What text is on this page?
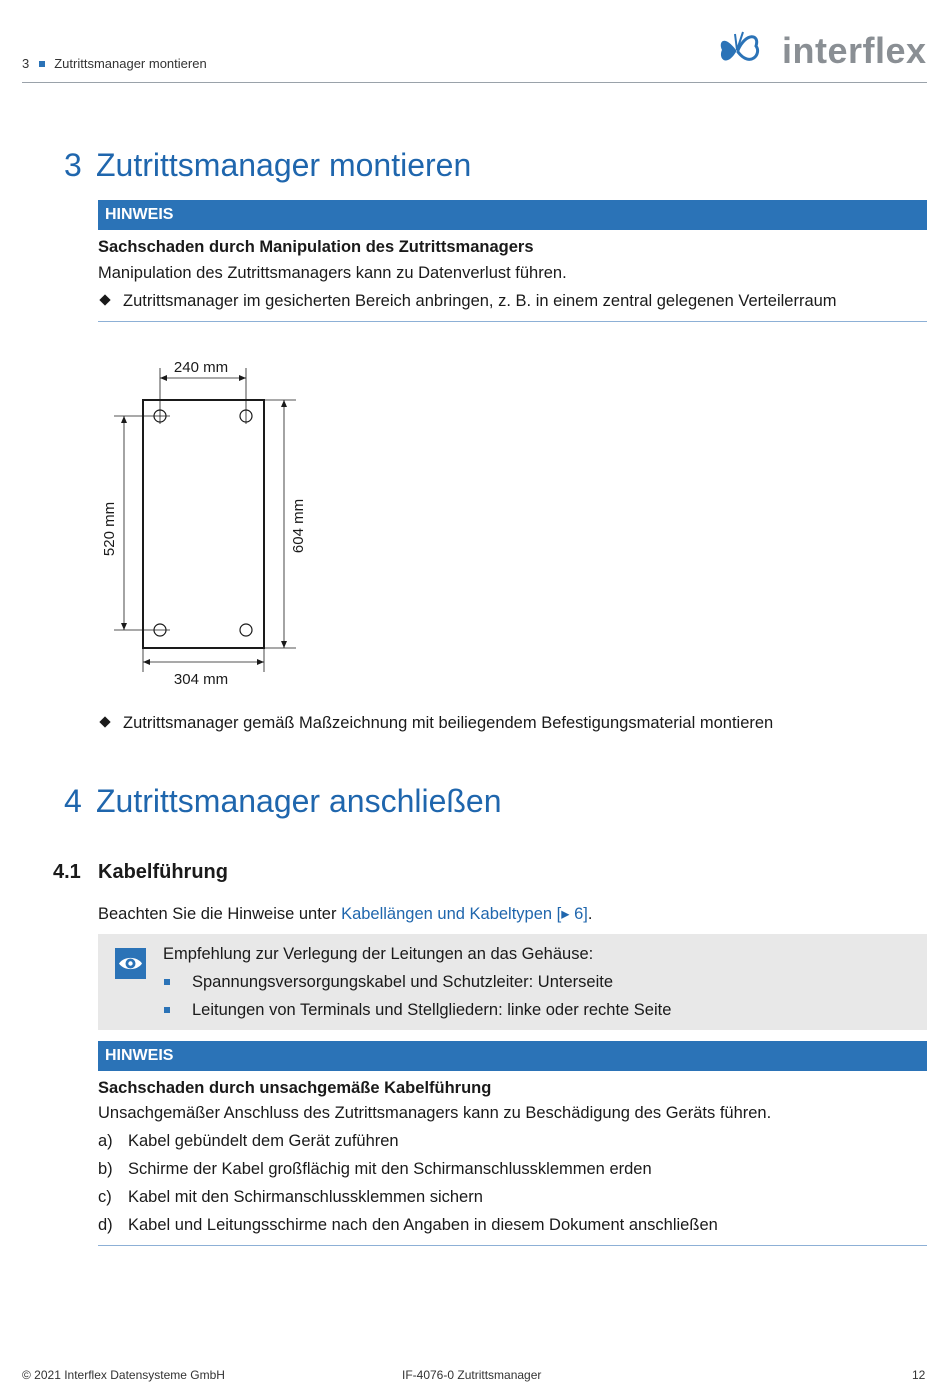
3 Zutrittsmanager montieren	interflex
3 Zutrittsmanager montieren
HINWEIS
Sachschaden durch Manipulation des Zutrittsmanagers
Manipulation des Zutrittsmanagers kann zu Datenverlust führen.
Zutrittsmanager im gesicherten Bereich anbringen, z. B. in einem zentral gelegenen Verteilerraum
240 mm
304 mm
520 mm	604 mm
Zutrittsmanager gemäß Maßzeichnung mit beiliegendem Befestigungsmaterial montieren
4 Zutrittsmanager anschließen
4.1 Kabelführung
Beachten Sie die Hinweise unter Kabellängen und Kabeltypen [▸ 6].
Empfehlung zur Verlegung der Leitungen an das Gehäuse:
Spannungsversorgungskabel und Schutzleiter: Unterseite
Leitungen von Terminals und Stellgliedern: linke oder rechte Seite
HINWEIS
Sachschaden durch unsachgemäße Kabelführung
Unsachgemäßer Anschluss des Zutrittsmanagers kann zu Beschädigung des Geräts führen.
a) Kabel gebündelt dem Gerät zuführen
b) Schirme der Kabel großflächig mit den Schirmanschlussklemmen erden
c) Kabel mit den Schirmanschlussklemmen sichern
d) Kabel und Leitungsschirme nach den Angaben in diesem Dokument anschließen
© 2021 Interflex Datensysteme GmbH	IF-4076-0 Zutrittsmanager	12
